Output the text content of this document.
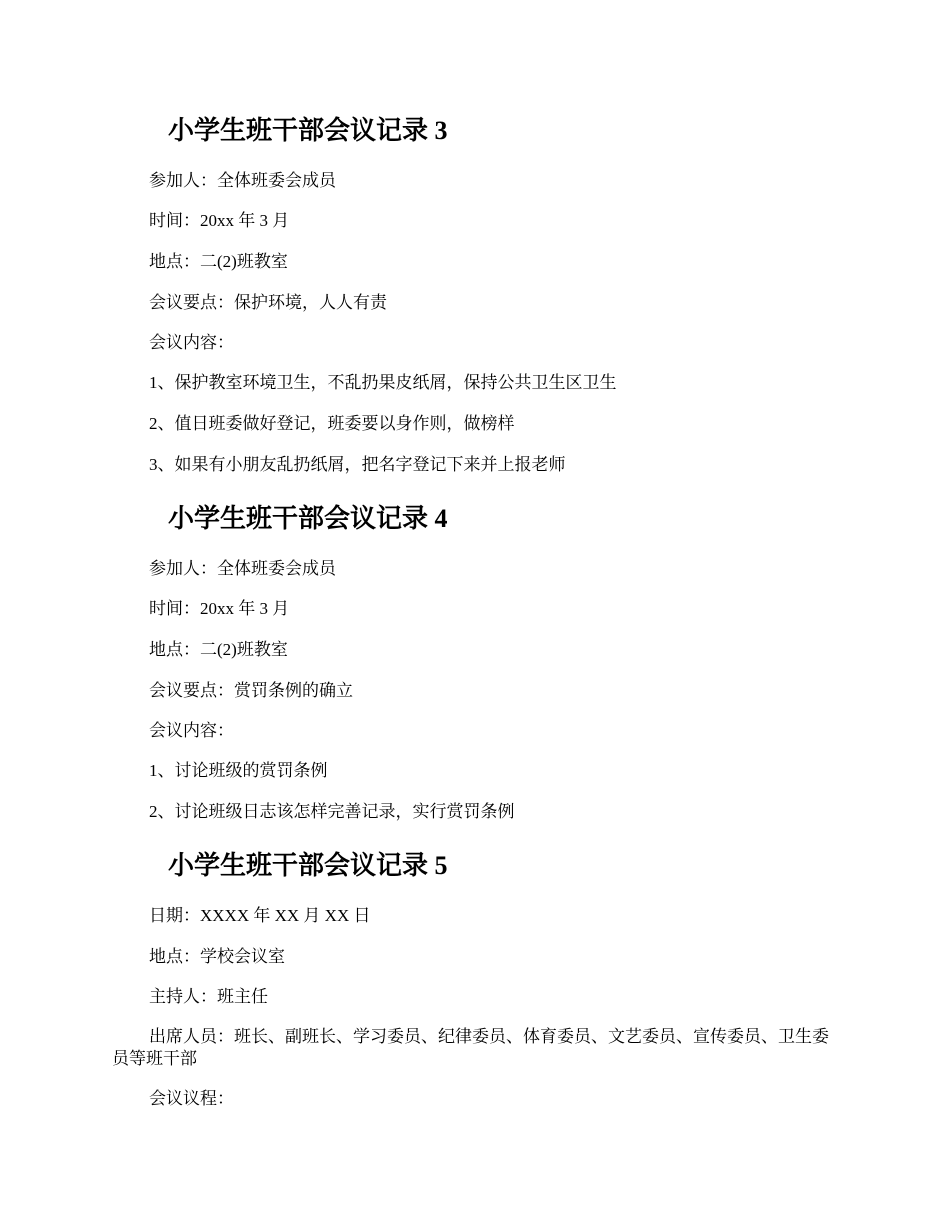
小学生班干部会议记录 3

参加人：全体班委会成员

时间：20xx 年 3 月

地点：二(2)班教室

会议要点：保护环境，人人有责

会议内容：

1、保护教室环境卫生，不乱扔果皮纸屑，保持公共卫生区卫生

2、值日班委做好登记，班委要以身作则，做榜样

3、如果有小朋友乱扔纸屑，把名字登记下来并上报老师

小学生班干部会议记录 4

参加人：全体班委会成员

时间：20xx 年 3 月

地点：二(2)班教室

会议要点：赏罚条例的确立

会议内容：

1、讨论班级的赏罚条例

2、讨论班级日志该怎样完善记录，实行赏罚条例

小学生班干部会议记录 5

日期：XXXX 年 XX 月 XX 日

地点：学校会议室

主持人：班主任

出席人员：班长、副班长、学习委员、纪律委员、体育委员、文艺委员、宣传委员、卫生委员等班干部

会议议程：
